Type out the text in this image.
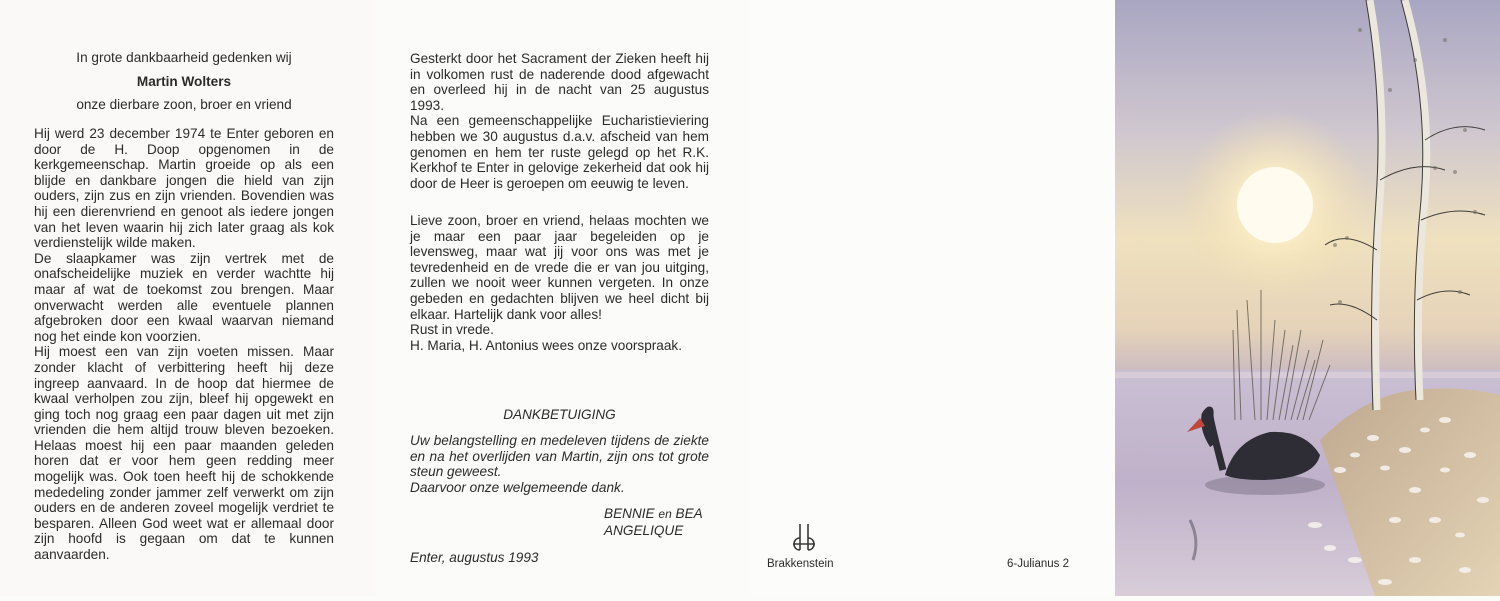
In grote dankbaarheid gedenken wij
Martin Wolters
onze dierbare zoon, broer en vriend

Hij werd 23 december 1974 te Enter geboren en door de H. Doop opgenomen in de kerkgemeenschap. Martin groeide op als een blijde en dankbare jongen die hield van zijn ouders, zijn zus en zijn vrienden. Bovendien was hij een dierenvriend en genoot als iedere jongen van het leven waarin hij zich later graag als kok verdienstelijk wilde maken.

De slaapkamer was zijn vertrek met de onafscheidelijke muziek en verder wachtte hij maar af wat de toekomst zou brengen. Maar onverwacht werden alle eventuele plannen afgebroken door een kwaal waarvan niemand nog het einde kon voorzien.

Hij moest een van zijn voeten missen. Maar zonder klacht of verbittering heeft hij deze ingreep aanvaard. In de hoop dat hiermee de kwaal verholpen zou zijn, bleef hij opgewekt en ging toch nog graag een paar dagen uit met zijn vrienden die hem altijd trouw bleven bezoeken. Helaas moest hij een paar maanden geleden horen dat er voor hem geen redding meer mogelijk was. Ook toen heeft hij de schokkende mededeling zonder jammer zelf verwerkt om zijn ouders en de anderen zoveel mogelijk verdriet te besparen. Alleen God weet wat er allemaal door zijn hoofd is gegaan om dat te kunnen aanvaarden.

Gesterkt door het Sacrament der Zieken heeft hij in volkomen rust de naderende dood afgewacht en overleed hij in de nacht van 25 augustus 1993.

Na een gemeenschappelijke Eucharistieviering hebben we 30 augustus d.a.v. afscheid van hem genomen en hem ter ruste gelegd op het R.K. Kerkhof te Enter in gelovige zekerheid dat ook hij door de Heer is geroepen om eeuwig te leven.

Lieve zoon, broer en vriend, helaas mochten we je maar een paar jaar begeleiden op je levensweg, maar wat jij voor ons was met je tevredenheid en de vrede die er van jou uitging, zullen we nooit weer kunnen vergeten. In onze gebeden en gedachten blijven we heel dicht bij elkaar. Hartelijk dank voor alles!

Rust in vrede.
H. Maria, H. Antonius wees onze voorspraak.
DANKBETUIGING

Uw belangstelling en medeleven tijdens de ziekte en na het overlijden van Martin, zijn ons tot grote steun geweest.

Daarvoor onze welgemeende dank.
BENNIE en BEA
ANGELIQUE
Enter, augustus 1993	Brakkenstein	6-Julianus 2
